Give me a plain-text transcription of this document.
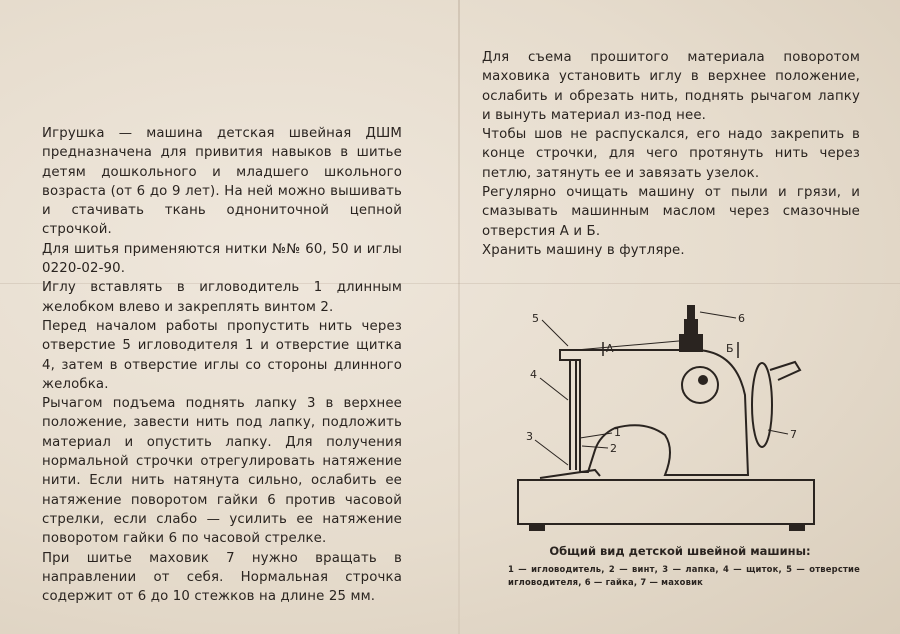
Игрушка — машина детская швейная ДШМ предназначена для привития навыков в шитье детям дошкольного и младшего школьного возраста (от 6 до 9 лет). На ней можно вышивать и стачивать ткань однониточной цепной строчкой.

Для шитья применяются нитки №№ 60, 50 и иглы 0220-02-90.

Иглу вставлять в игловодитель 1 длинным желобком влево и закреплять винтом 2.

Перед началом работы пропустить нить через отверстие 5 игловодителя 1 и отверстие щитка 4, затем в отверстие иглы со стороны длинного желобка.

Рычагом подъема поднять лапку 3 в верхнее положение, завести нить под лапку, подложить материал и опустить лапку. Для получения нормальной строчки отрегулировать натяжение нити. Если нить натянута сильно, ослабить ее натяжение поворотом гайки 6 против часовой стрелки, если слабо — усилить ее натяжение поворотом гайки 6 по часовой стрелке.

При шитье маховик 7 нужно вращать в направлении от себя. Нормальная строчка содержит от 6 до 10 стежков на длине 25 мм.

Для съема прошитого материала поворотом маховика установить иглу в верхнее положение, ослабить и обрезать нить, поднять рычагом лапку и вынуть материал из-под нее.

Чтобы шов не распускался, его надо закрепить в конце строчки, для чего протянуть нить через петлю, затянуть ее и завязать узелок.

Регулярно очищать машину от пыли и грязи, и смазывать машинным маслом через смазочные отверстия А и Б.

Хранить машину в футляре.

5
4
3	1
2
6
7
А	Б
Общий вид детской швейной машины:
1 — игловодитель, 2 — винт, 3 — лапка, 4 — щиток, 5 — отверстие игловодителя, 6 — гайка, 7 — маховик
